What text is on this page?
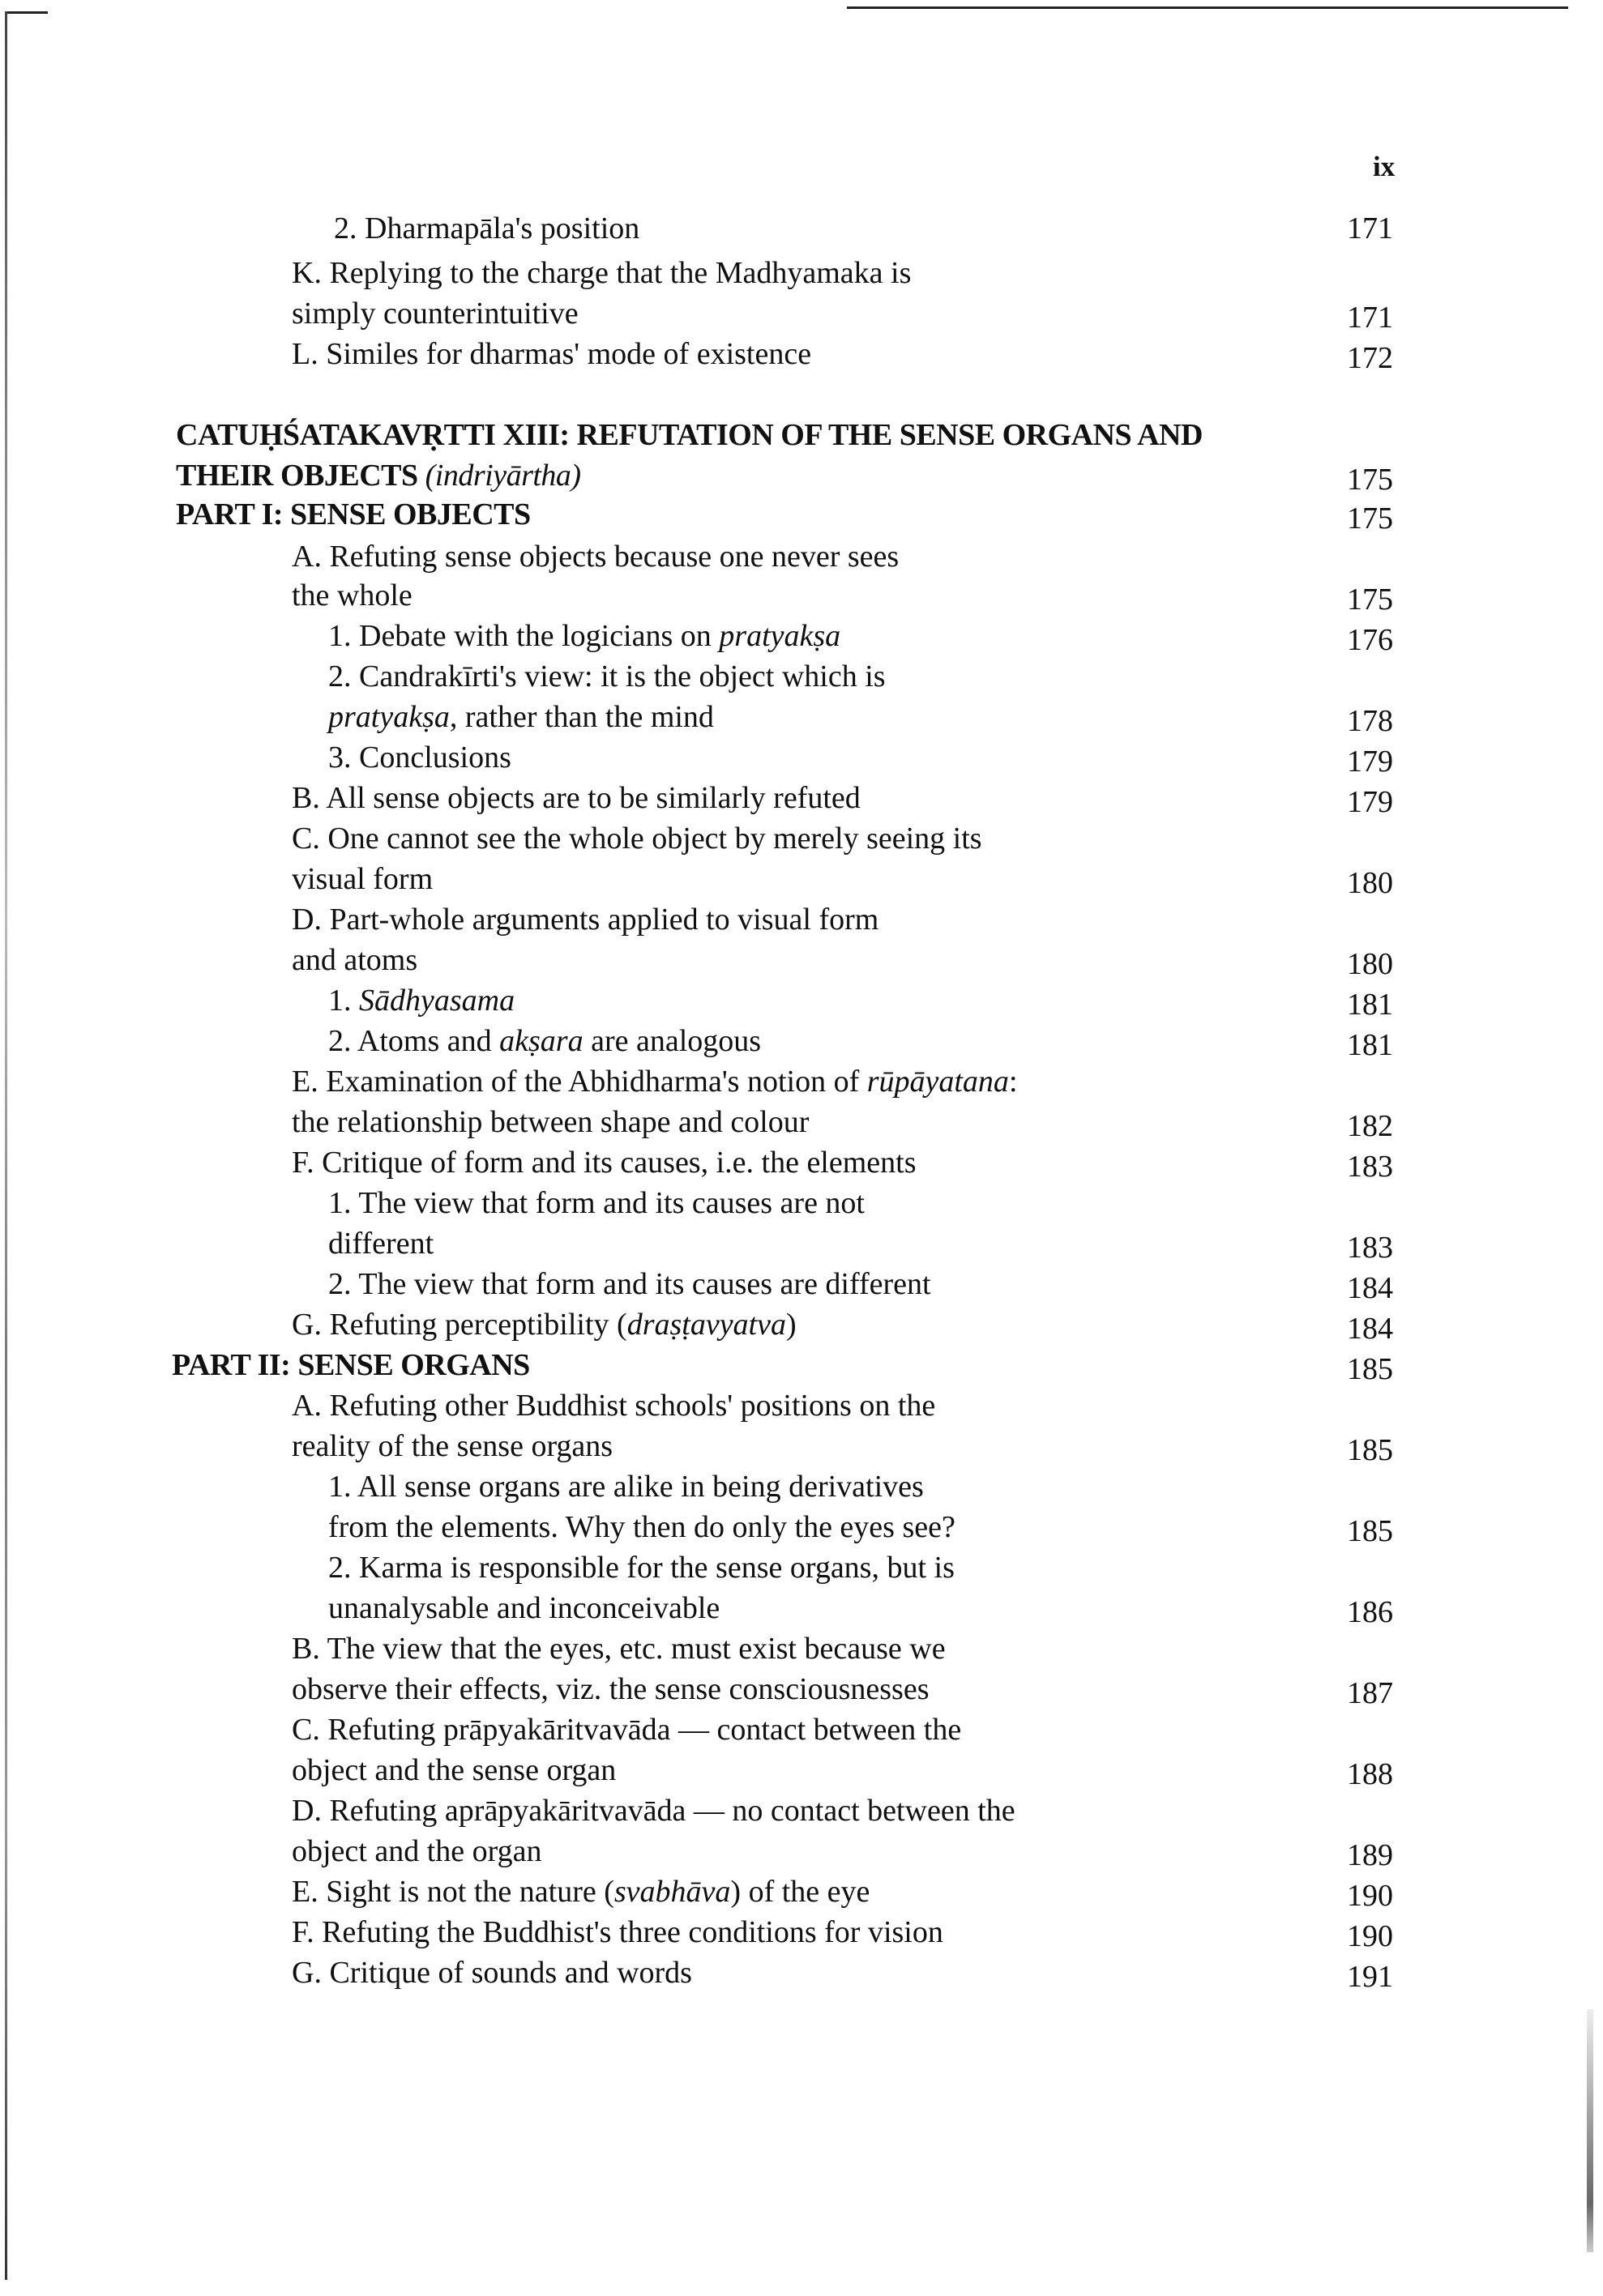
ix
2. Dharmapāla's position	171
K. Replying to the charge that the Madhyamaka is
simply counterintuitive	171
L. Similes for dharmas' mode of existence	172
CATUḤŚATAKAVṚTTI XIII: REFUTATION OF THE SENSE ORGANS AND
THEIR OBJECTS (indriyārtha)	175
PART I: SENSE OBJECTS	175
A. Refuting sense objects because one never sees
the whole	175
1. Debate with the logicians on pratyakṣa	176
2. Candrakīrti's view: it is the object which is
pratyakṣa, rather than the mind	178
3. Conclusions	179
B. All sense objects are to be similarly refuted	179
C. One cannot see the whole object by merely seeing its
visual form	180
D. Part-whole arguments applied to visual form
and atoms	180
1. Sādhyasama	181
2. Atoms and akṣara are analogous	181
E. Examination of the Abhidharma's notion of rūpāyatana:
the relationship between shape and colour	182
F. Critique of form and its causes, i.e. the elements	183
1. The view that form and its causes are not
different	183
2. The view that form and its causes are different	184
G. Refuting perceptibility (draṣṭavyatva)	184
PART II: SENSE ORGANS	185
A. Refuting other Buddhist schools' positions on the
reality of the sense organs	185
1. All sense organs are alike in being derivatives
from the elements. Why then do only the eyes see?	185
2. Karma is responsible for the sense organs, but is
unanalysable and inconceivable	186
B. The view that the eyes, etc. must exist because we
observe their effects, viz. the sense consciousnesses	187
C. Refuting prāpyakāritvavāda — contact between the
object and the sense organ	188
D. Refuting aprāpyakāritvavāda — no contact between the
object and the organ	189
E. Sight is not the nature (svabhāva) of the eye	190
F. Refuting the Buddhist's three conditions for vision	190
G. Critique of sounds and words	191
